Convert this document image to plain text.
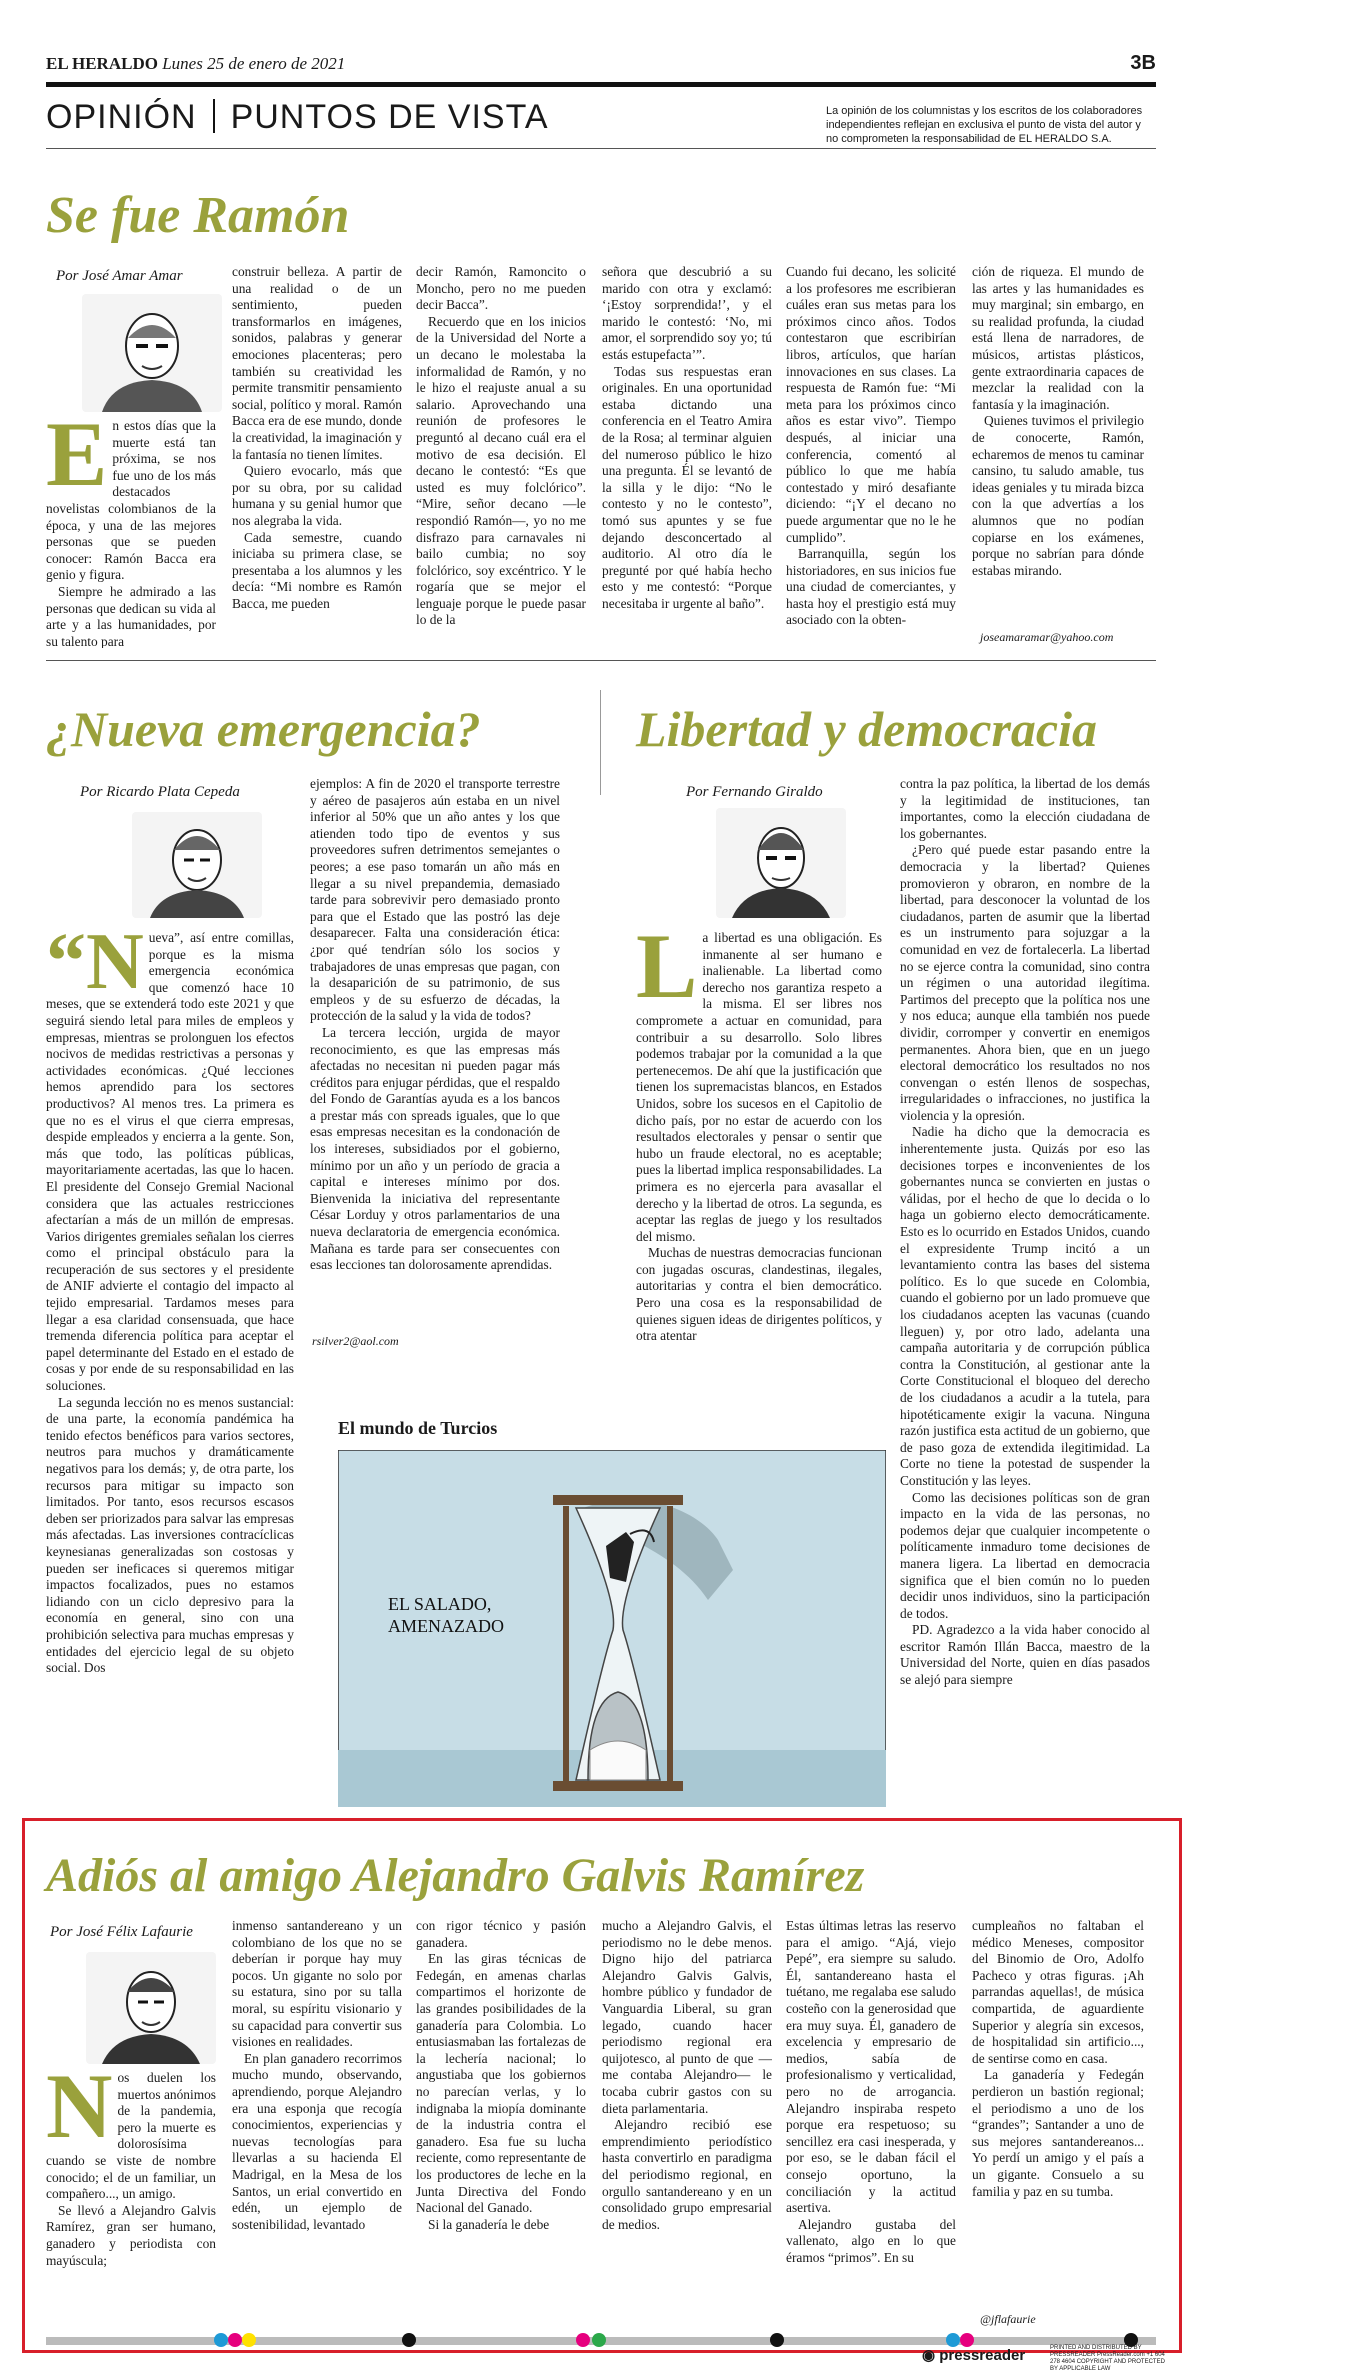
EL HERALDO Lunes 25 de enero de 2021	3B
OPINIÓN PUNTOS DE VISTA	La opinión de los columnistas y los escritos de los colaboradores independientes reflejan en exclusiva el punto de vista del autor y no comprometen la responsabilidad de EL HERALDO S.A.
Se fue Ramón
Por José Amar Amar
E n estos días que la muerte está tan próxima, se nos fue uno de los más destacados novelistas colombianos de la época, y una de las mejores personas que se pueden conocer: Ramón Bacca era genio y figura.

Siempre he admirado a las personas que dedican su vida al arte y a las humanidades, por su talento para

construir belleza. A partir de una realidad o de un sentimiento, pueden transformarlos en imágenes, sonidos, palabras y generar emociones placenteras; pero también su creatividad les permite transmitir pensamiento social, político y moral. Ramón Bacca era de ese mundo, donde la creatividad, la imaginación y la fantasía no tienen límites.

Quiero evocarlo, más que por su obra, por su calidad humana y su genial humor que nos alegraba la vida.

Cada semestre, cuando iniciaba su primera clase, se presentaba a los alumnos y les decía: “Mi nombre es Ramón Bacca, me pueden

decir Ramón, Ramoncito o Moncho, pero no me pueden decir Bacca”.

Recuerdo que en los inicios de la Universidad del Norte a un decano le molestaba la informalidad de Ramón, y no le hizo el reajuste anual a su salario. Aprovechando una reunión de profesores le preguntó al decano cuál era el motivo de esa decisión. El decano le contestó: “Es que usted es muy folclórico”. “Mire, señor decano —le respondió Ramón—, yo no me disfrazo para carnavales ni bailo cumbia; no soy folclórico, soy excéntrico. Y le rogaría que se mejor el lenguaje porque le puede pasar lo de la

señora que descubrió a su marido con otra y exclamó: ‘¡Estoy sorprendida!’, y el marido le contestó: ‘No, mi amor, el sorprendido soy yo; tú estás estupefacta’”.

Todas sus respuestas eran originales. En una oportunidad estaba dictando una conferencia en el Teatro Amira de la Rosa; al terminar alguien del numeroso público le hizo una pregunta. Él se levantó de la silla y le dijo: “No le contesto y no le contesto”, tomó sus apuntes y se fue dejando desconcertado al auditorio. Al otro día le pregunté por qué había hecho esto y me contestó: “Porque necesitaba ir urgente al baño”.

Cuando fui decano, les solicité a los profesores me escribieran cuáles eran sus metas para los próximos cinco años. Todos contestaron que escribirían libros, artículos, que harían innovaciones en sus clases. La respuesta de Ramón fue: “Mi meta para los próximos cinco años es estar vivo”. Tiempo después, al iniciar una conferencia, comentó al público lo que me había contestado y miró desafiante diciendo: “¡Y el decano no puede argumentar que no le he cumplido”.

Barranquilla, según los historiadores, en sus inicios fue una ciudad de comerciantes, y hasta hoy el prestigio está muy asociado con la obten-

ción de riqueza. El mundo de las artes y las humanidades es muy marginal; sin embargo, en su realidad profunda, la ciudad está llena de narradores, de músicos, artistas plásticos, gente extraordinaria capaces de mezclar la realidad con la fantasía y la imaginación.

Quienes tuvimos el privilegio de conocerte, Ramón, echaremos de menos tu caminar cansino, tu saludo amable, tus ideas geniales y tu mirada bizca con la que advertías a los alumnos que no podían copiarse en los exámenes, porque no sabrían para dónde estabas mirando.

joseamaramar@yahoo.com
¿Nueva emergencia?
Por Ricardo Plata Cepeda
“N ueva”, así entre comillas, porque es la misma emergencia económica que comenzó hace 10 meses, que se extenderá todo este 2021 y que seguirá siendo letal para miles de empleos y empresas, mientras se prolonguen los efectos nocivos de medidas restrictivas a personas y actividades económicas. ¿Qué lecciones hemos aprendido para los sectores productivos? Al menos tres. La primera es que no es el virus el que cierra empresas, despide empleados y encierra a la gente. Son, más que todo, las políticas públicas, mayoritariamente acertadas, las que lo hacen. El presidente del Consejo Gremial Nacional considera que las actuales restricciones afectarían a más de un millón de empresas. Varios dirigentes gremiales señalan los cierres como el principal obstáculo para la recuperación de sus sectores y el presidente de ANIF advierte el contagio del impacto al tejido empresarial. Tardamos meses para llegar a esa claridad consensuada, que hace tremenda diferencia política para aceptar el papel determinante del Estado en el estado de cosas y por ende de su responsabilidad en las soluciones.

La segunda lección no es menos sustancial: de una parte, la economía pandémica ha tenido efectos benéficos para varios sectores, neutros para muchos y dramáticamente negativos para los demás; y, de otra parte, los recursos para mitigar su impacto son limitados. Por tanto, esos recursos escasos deben ser priorizados para salvar las empresas más afectadas. Las inversiones contracíclicas keynesianas generalizadas son costosas y pueden ser ineficaces si queremos mitigar impactos focalizados, pues no estamos lidiando con un ciclo depresivo para la economía en general, sino con una prohibición selectiva para muchas empresas y entidades del ejercicio legal de su objeto social. Dos

ejemplos: A fin de 2020 el transporte terrestre y aéreo de pasajeros aún estaba en un nivel inferior al 50% que un año antes y los que atienden todo tipo de eventos y sus proveedores sufren detrimentos semejantes o peores; a ese paso tomarán un año más en llegar a su nivel prepandemia, demasiado tarde para sobrevivir pero demasiado pronto para que el Estado que las postró las deje desaparecer. Falta una consideración ética: ¿por qué tendrían sólo los socios y trabajadores de unas empresas que pagan, con la desaparición de su patrimonio, de sus empleos y de su esfuerzo de décadas, la protección de la salud y la vida de todos?

La tercera lección, urgida de mayor reconocimiento, es que las empresas más afectadas no necesitan ni pueden pagar más créditos para enjugar pérdidas, que el respaldo del Fondo de Garantías ayuda es a los bancos a prestar más con spreads iguales, que lo que esas empresas necesitan es la condonación de los intereses, subsidiados por el gobierno, mínimo por un año y un período de gracia a capital e intereses mínimo por dos. Bienvenida la iniciativa del representante César Lorduy y otros parlamentarios de una nueva declaratoria de emergencia económica. Mañana es tarde para ser consecuentes con esas lecciones tan dolorosamente aprendidas.

rsilver2@aol.com
El mundo de Turcios
EL SALADO,
AMENAZADO
Libertad y democracia
Por Fernando Giraldo
L a libertad es una obligación. Es inmanente al ser humano e inalienable. La libertad como derecho nos garantiza respeto a la misma. El ser libres nos compromete a actuar en comunidad, para contribuir a su desarrollo. Solo libres podemos trabajar por la comunidad a la que pertenecemos. De ahí que la justificación que tienen los supremacistas blancos, en Estados Unidos, sobre los sucesos en el Capitolio de dicho país, por no estar de acuerdo con los resultados electorales y pensar o sentir que hubo un fraude electoral, no es aceptable; pues la libertad implica responsabilidades. La primera es no ejercerla para avasallar el derecho y la libertad de otros. La segunda, es aceptar las reglas de juego y los resultados del mismo.

Muchas de nuestras democracias funcionan con jugadas oscuras, clandestinas, ilegales, autoritarias y contra el bien democrático. Pero una cosa es la responsabilidad de quienes siguen ideas de dirigentes políticos, y otra atentar

contra la paz política, la libertad de los demás y la legitimidad de instituciones, tan importantes, como la elección ciudadana de los gobernantes.

¿Pero qué puede estar pasando entre la democracia y la libertad? Quienes promovieron y obraron, en nombre de la libertad, para desconocer la voluntad de los ciudadanos, parten de asumir que la libertad es un instrumento para sojuzgar a la comunidad en vez de fortalecerla. La libertad no se ejerce contra la comunidad, sino contra un régimen o una autoridad ilegítima. Partimos del precepto que la política nos une y nos educa; aunque ella también nos puede dividir, corromper y convertir en enemigos permanentes. Ahora bien, que en un juego electoral democrático los resultados no nos convengan o estén llenos de sospechas, irregularidades o infracciones, no justifica la violencia y la opresión.

Nadie ha dicho que la democracia es inherentemente justa. Quizás por eso las decisiones torpes e inconvenientes de los gobernantes nunca se convierten en justas o válidas, por el hecho de que lo decida o lo haga un gobierno electo democráticamente. Esto es lo ocurrido en Estados Unidos, cuando el expresidente Trump incitó a un levantamiento contra las bases del sistema político. Es lo que sucede en Colombia, cuando el gobierno por un lado promueve que los ciudadanos acepten las vacunas (cuando lleguen) y, por otro lado, adelanta una campaña autoritaria y de corrupción pública contra la Constitución, al gestionar ante la Corte Constitucional el bloqueo del derecho de los ciudadanos a acudir a la tutela, para hipotéticamente exigir la vacuna. Ninguna razón justifica esta actitud de un gobierno, que de paso goza de extendida ilegitimidad. La Corte no tiene la potestad de suspender la Constitución y las leyes.

Como las decisiones políticas son de gran impacto en la vida de las personas, no podemos dejar que cualquier incompetente o políticamente inmaduro tome decisiones de manera ligera. La libertad en democracia significa que el bien común no lo pueden decidir unos individuos, sino la participación de todos.

PD. Agradezco a la vida haber conocido al escritor Ramón Illán Bacca, maestro de la Universidad del Norte, quien en días pasados se alejó para siempre

Adiós al amigo Alejandro Galvis Ramírez
Por José Félix Lafaurie
N os duelen los muertos anónimos de la pandemia, pero la muerte es dolorosísima cuando se viste de nombre conocido; el de un familiar, un compañero..., un amigo.

Se llevó a Alejandro Galvis Ramírez, gran ser humano, ganadero y periodista con mayúscula;

inmenso santandereano y un colombiano de los que no se deberían ir porque hay muy pocos. Un gigante no solo por su estatura, sino por su talla moral, su espíritu visionario y su capacidad para convertir sus visiones en realidades.

En plan ganadero recorrimos mucho mundo, observando, aprendiendo, porque Alejandro era una esponja que recogía conocimientos, experiencias y nuevas tecnologías para llevarlas a su hacienda El Madrigal, en la Mesa de los Santos, un erial convertido en edén, un ejemplo de sostenibilidad, levantado

con rigor técnico y pasión ganadera.

En las giras técnicas de Fedegán, en amenas charlas compartimos el horizonte de las grandes posibilidades de la ganadería para Colombia. Lo entusiasmaban las fortalezas de la lechería nacional; lo angustiaba que los gobiernos no parecían verlas, y lo indignaba la miopía dominante de la industria contra el ganadero. Esa fue su lucha reciente, como representante de los productores de leche en la Junta Directiva del Fondo Nacional del Ganado.

Si la ganadería le debe

mucho a Alejandro Galvis, el periodismo no le debe menos. Digno hijo del patriarca Alejandro Galvis Galvis, hombre público y fundador de Vanguardia Liberal, su gran legado, cuando hacer periodismo regional era quijotesco, al punto de que —me contaba Alejandro— le tocaba cubrir gastos con su dieta parlamentaria.

Alejandro recibió ese emprendimiento periodístico hasta convertirlo en paradigma del periodismo regional, en orgullo santandereano y en un consolidado grupo empresarial de medios.

Estas últimas letras las reservo para el amigo. “Ajá, viejo Pepé”, era siempre su saludo. Él, santandereano hasta el tuétano, me regalaba ese saludo costeño con la generosidad que era muy suya. Él, ganadero de excelencia y empresario de medios, sabía de profesionalismo y verticalidad, pero no de arrogancia. Alejandro inspiraba respeto porque era respetuoso; su sencillez era casi inesperada, y por eso, se le daban fácil el consejo oportuno, la conciliación y la actitud asertiva.

Alejandro gustaba del vallenato, algo en lo que éramos “primos”. En su

cumpleaños no faltaban el médico Meneses, compositor del Binomio de Oro, Adolfo Pacheco y otras figuras. ¡Ah parrandas aquellas!, de música compartida, de aguardiente Superior y alegría sin excesos, de hospitalidad sin artificio..., de sentirse como en casa.

La ganadería y Fedegán perdieron un bastión regional; el periodismo a uno de los “grandes”; Santander a uno de sus mejores santandereanos... Yo perdí un amigo y el país a un gigante. Consuelo a su familia y paz en su tumba.

@jflafaurie
◉ pressreader	PRINTED AND DISTRIBUTED BY PRESSREADER PressReader.com +1 604 278 4604 COPYRIGHT AND PROTECTED BY APPLICABLE LAW
